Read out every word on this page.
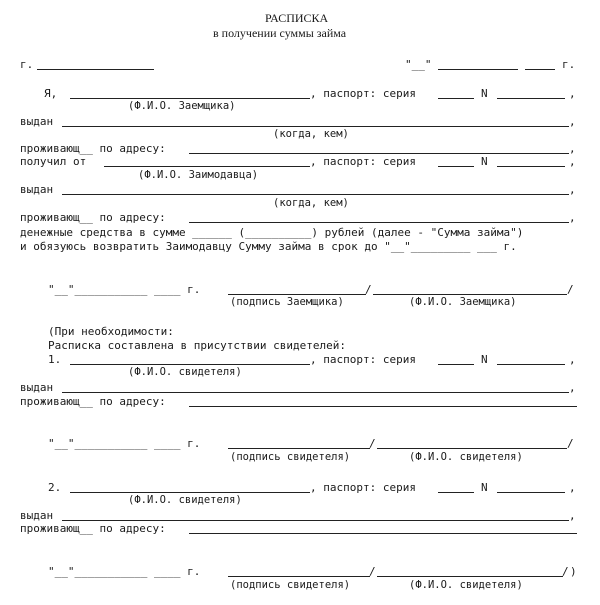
РАСПИСКА
в получении суммы займа
г.	"__"	г.
Я,	, паспорт: серия	N	,
(Ф.И.О. Заемщика)
выдан	,
(когда, кем)
проживающ__ по адресу:	,
получил от	, паспорт: серия	N	,
(Ф.И.О. Заимодавца)
выдан	,
(когда, кем)
проживающ__ по адресу:	,
денежные средства в сумме ______ (__________) рублей (далее - "Сумма займа")
и обязуюсь возвратить Заимодавцу Сумму займа в срок до "__"_________ ___ г.
"__"___________ ____ г.	/	/
(подпись Заемщика)	(Ф.И.О. Заемщика)
(При необходимости:
Расписка составлена в присутствии свидетелей:
1.	, паспорт: серия	N	,
(Ф.И.О. свидетеля)
выдан	,
проживающ__ по адресу:
"__"___________ ____ г.	/	/
(подпись свидетеля)	(Ф.И.О. свидетеля)
2.	, паспорт: серия	N	,
(Ф.И.О. свидетеля)
выдан	,
проживающ__ по адресу:
"__"___________ ____ г.	/	/ )
(подпись свидетеля)	(Ф.И.О. свидетеля)
